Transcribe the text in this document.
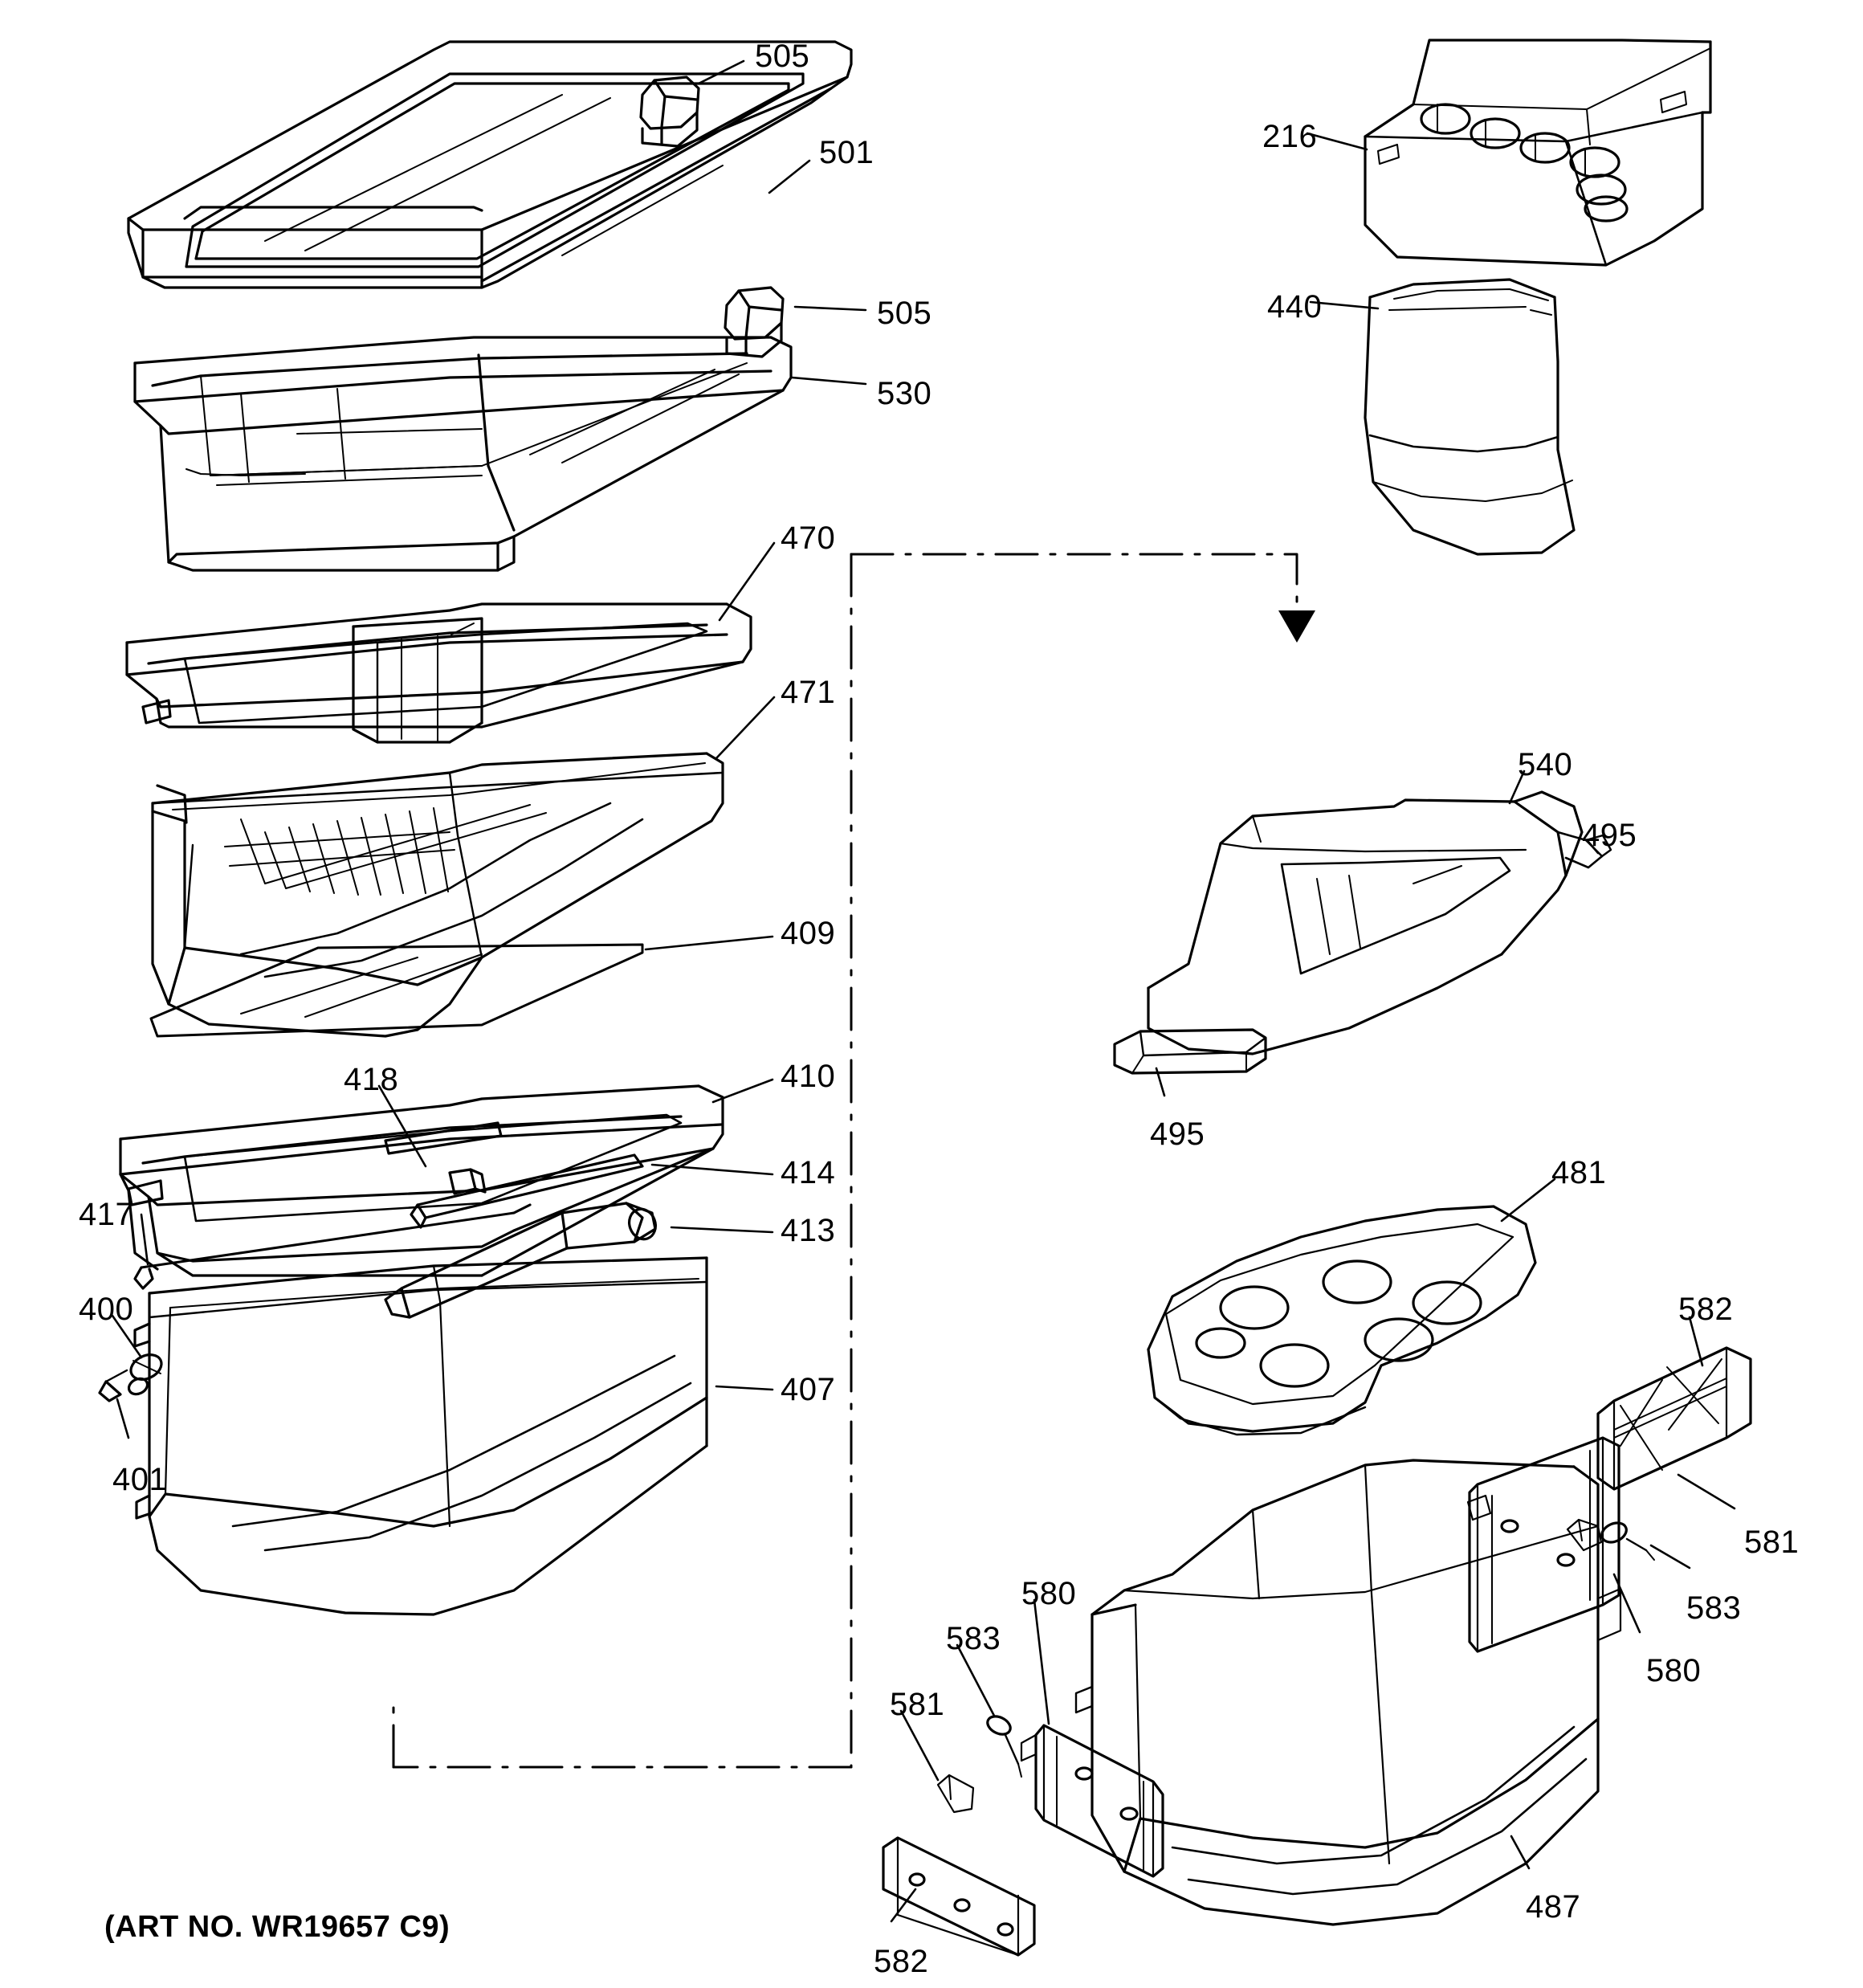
505
216
501
505	440
530
470
471
540
495
409
418	410
495
414	481
413
417
400	582
407
401
581
583
580
583
580
581
487
582
(ART NO. WR19657 C9)
